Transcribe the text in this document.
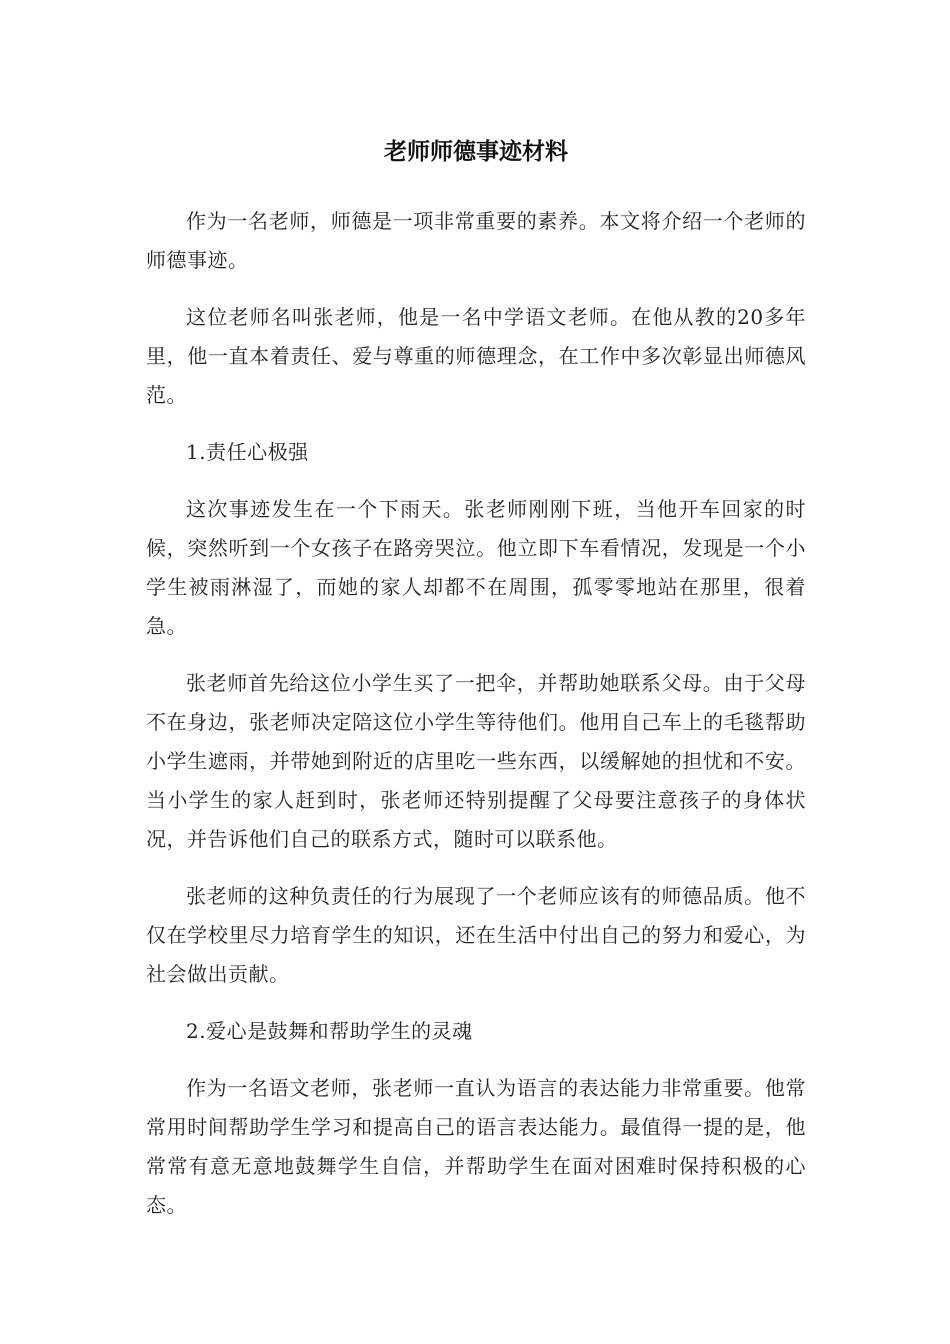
老师师德事迹材料

作为一名老师，师德是一项非常重要的素养。本文将介绍一个老师的师德事迹。

这位老师名叫张老师，他是一名中学语文老师。在他从教的20多年里，他一直本着责任、爱与尊重的师德理念，在工作中多次彰显出师德风范。

1.责任心极强

这次事迹发生在一个下雨天。张老师刚刚下班，当他开车回家的时候，突然听到一个女孩子在路旁哭泣。他立即下车看情况，发现是一个小学生被雨淋湿了，而她的家人却都不在周围，孤零零地站在那里，很着急。

张老师首先给这位小学生买了一把伞，并帮助她联系父母。由于父母不在身边，张老师决定陪这位小学生等待他们。他用自己车上的毛毯帮助小学生遮雨，并带她到附近的店里吃一些东西，以缓解她的担忧和不安。当小学生的家人赶到时，张老师还特别提醒了父母要注意孩子的身体状况，并告诉他们自己的联系方式，随时可以联系他。

张老师的这种负责任的行为展现了一个老师应该有的师德品质。他不仅在学校里尽力培育学生的知识，还在生活中付出自己的努力和爱心，为社会做出贡献。

2.爱心是鼓舞和帮助学生的灵魂

作为一名语文老师，张老师一直认为语言的表达能力非常重要。他常常用时间帮助学生学习和提高自己的语言表达能力。最值得一提的是，他常常有意无意地鼓舞学生自信，并帮助学生在面对困难时保持积极的心态。
